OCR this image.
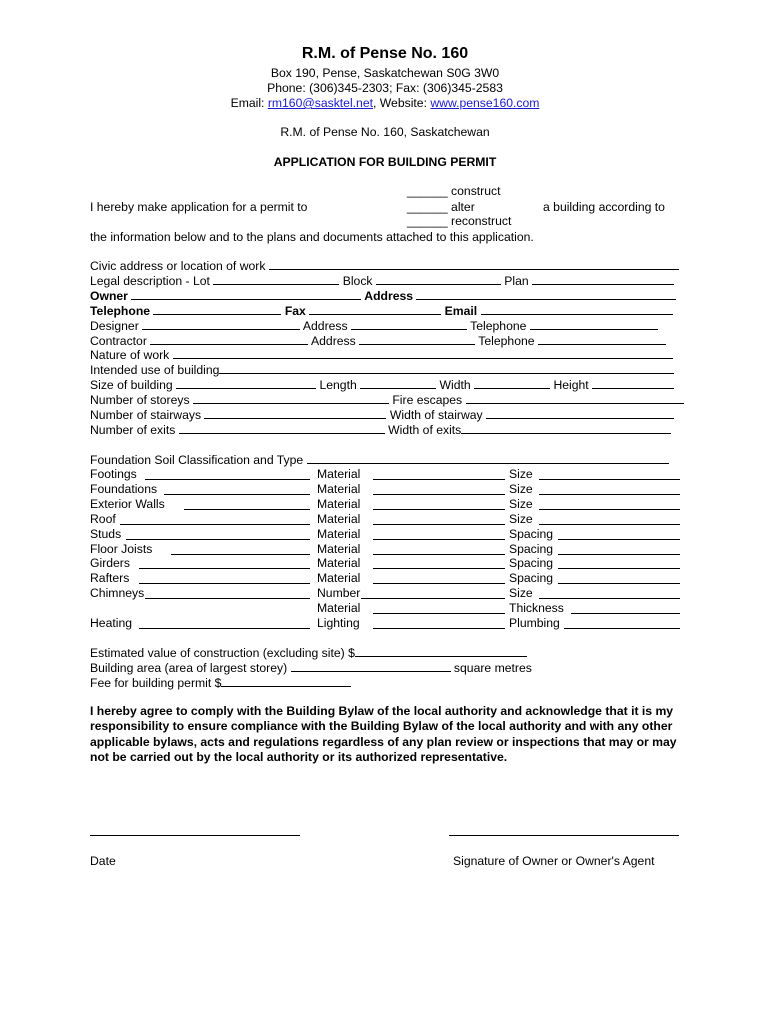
R.M. of Pense No. 160
Box 190, Pense, Saskatchewan S0G 3W0
Phone: (306)345-2303; Fax: (306)345-2583
Email: rm160@sasktel.net, Website: www.pense160.com
R.M. of Pense No. 160, Saskatchewan
APPLICATION FOR BUILDING PERMIT
______ construct
I hereby make application for a permit to	______ alter	a building according to
______ reconstruct
the information below and to the plans and documents attached to this application.
Civic address or location of work
Legal description - Lot	Block	Plan
Owner	Address
Telephone	Fax	Email
Designer	Address	Telephone
Contractor	Address	Telephone
Nature of work
Intended use of building
Size of building	Length	Width	Height
Number of storeys	Fire escapes
Number of stairways	Width of stairway
Number of exits	Width of exits
Foundation Soil Classification and Type
Footings	Material	Size
Foundations	Material	Size
Exterior Walls	Material	Size
Roof	Material	Size
Studs	Material	Spacing
Floor Joists	Material	Spacing
Girders	Material	Spacing
Rafters	Material	Spacing
Chimneys	Number	Size
Material	Thickness
Heating	Lighting	Plumbing
Estimated value of construction (excluding site) $
Building area (area of largest storey)	square metres
Fee for building permit $
I hereby agree to comply with the Building Bylaw of the local authority and acknowledge that it is my responsibility to ensure compliance with the Building Bylaw of the local authority and with any other applicable bylaws, acts and regulations regardless of any plan review or inspections that may or may not be carried out by the local authority or its authorized representative.
Date	Signature of Owner or Owner's Agent
